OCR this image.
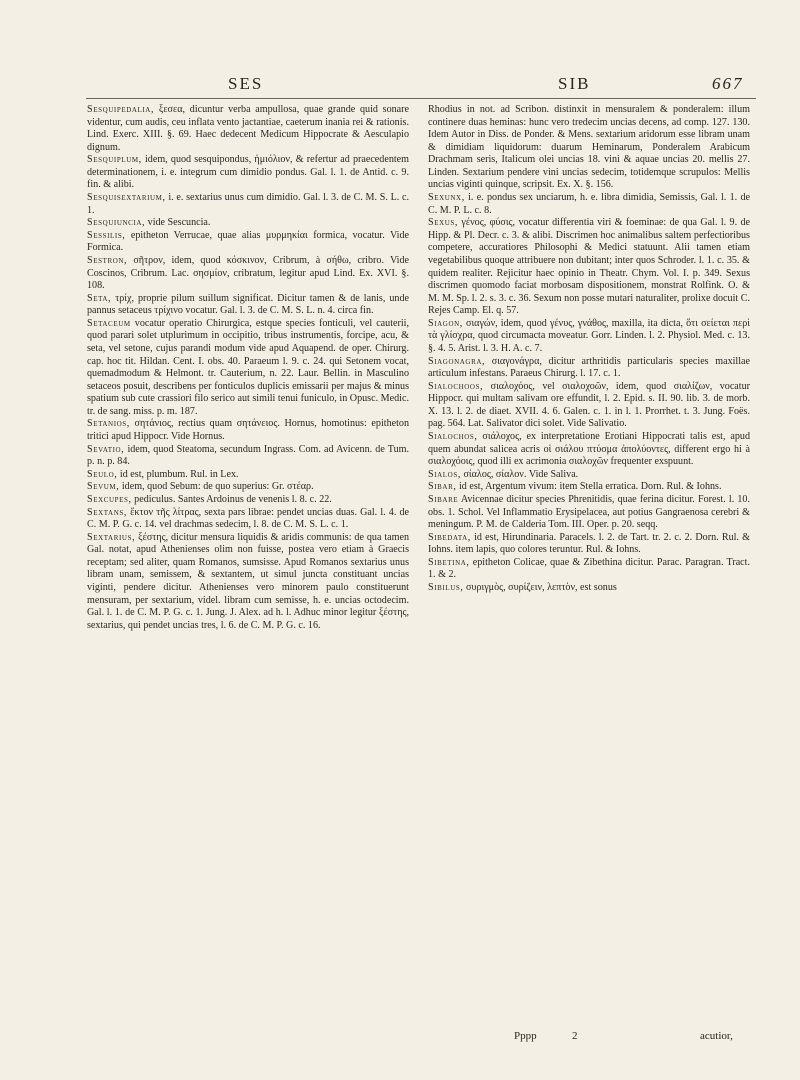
SES	SIB	667

Sesquipedalia, ξεσεα, dicuntur verba ampullosa, quae grande quid sonare videntur, cum audis, ceu inflata vento jactantiae, caeterum inania rei & rationis. Lind. Exerc. XIII. §. 69. Haec dedecent Medicum Hippocrate & Aesculapio dignum.

Sesquiplum, idem, quod sesquipondus, ἡμιόλιον, & refertur ad praecedentem determinationem, i. e. integrum cum dimidio pondus. Gal. l. 1. de Antid. c. 9. fin. & alibi.

Sesquisextarium, i. e. sextarius unus cum dimidio. Gal. l. 3. de C. M. S. L. c. 1.

Sesquiuncia, vide Sescuncia.

Sessilis, epitheton Verrucae, quae alias μυρμηκίαι formica, vocatur. Vide Formica.

Sestron, σῆτρον, idem, quod κόσκινον, Cribrum, à σήθω, cribro. Vide Coscinos, Cribrum. Lac. σησμίον, cribratum, legitur apud Lind. Ex. XVI. §. 108.

Seta, τρίχ, proprie pilum suillum significat. Dicitur tamen & de lanis, unde pannus setaceus τρίχινο vocatur. Gal. l. 3. de C. M. S. L. n. 4. circa fin.

Setaceum vocatur operatio Chirurgica, estque species fonticuli, vel cauterii, quod parari solet utplurimum in occipitio, tribus instrumentis, forcipe, acu, & seta, vel setone, cujus parandi modum vide apud Aquapend. de oper. Chirurg. cap. hoc tit. Hildan. Cent. I. obs. 40. Paraeum l. 9. c. 24. qui Setonem vocat, quemadmodum & Helmont. tr. Cauterium, n. 22. Laur. Bellin. in Masculino setaceos posuit, describens per fonticulos duplicis emissarii per majus & minus spatium sub cute crassiori filo serico aut simili tenui funiculo, in Opusc. Medic. tr. de sang. miss. p. m. 187.

Setanios, σητάνιος, rectius quam σητάνειος. Hornus, homotinus: epitheton tritici apud Hippocr. Vide Hornus.

Sevatio, idem, quod Steatoma, secundum Ingrass. Com. ad Avicenn. de Tum. p. n. p. 84.

Seulo, id est, plumbum. Rul. in Lex.

Sevum, idem, quod Sebum: de quo superius: Gr. στέαρ.

Sexcupes, pediculus. Santes Ardoinus de venenis l. 8. c. 22.

Sextans, ἕκτον τῆς λίτρας, sexta pars librae: pendet uncias duas. Gal. l. 4. de C. M. P. G. c. 14. vel drachmas sedecim, l. 8. de C. M. S. L. c. 1.

Sextarius, ξέστης, dicitur mensura liquidis & aridis communis: de qua tamen Gal. notat, apud Athenienses olim non fuisse, postea vero etiam à Graecis receptam; sed aliter, quam Romanos, sumsisse. Apud Romanos sextarius unus libram unam, semissem, & sextantem, ut simul juncta constituant uncias viginti, pendere dicitur. Athenienses vero minorem paulo constituerunt mensuram, per sextarium, videl. libram cum semisse, h. e. uncias octodecim. Gal. l. 1. de C. M. P. G. c. 1. Jung. J. Alex. ad h. l. Adhuc minor legitur ξέστης, sextarius, qui pendet uncias tres, l. 6. de C. M. P. G. c. 16.

Rhodius in not. ad Scribon. distinxit in mensuralem & ponderalem: illum continere duas heminas: hunc vero tredecim uncias decens, ad comp. 127. 130. Idem Autor in Diss. de Ponder. & Mens. sextarium aridorum esse libram unam & dimidiam liquidorum: duarum Heminarum, Ponderalem Arabicum Drachmam seris, Italicum olei uncias 18. vini & aquae uncias 20. mellis 27. Linden. Sextarium pendere vini uncias sedecim, totidemque scrupulos: Mellis uncias viginti quinque, scripsit. Ex. X. §. 156.

Sexunx, i. e. pondus sex unciarum, h. e. libra dimidia, Semissis, Gal. l. 1. de C. M. P. L. c. 8.

Sexus, γένος, φύσις, vocatur differentia viri & foeminae: de qua Gal. l. 9. de Hipp. & Pl. Decr. c. 3. & alibi. Discrimen hoc animalibus saltem perfectioribus competere, accuratiores Philosophi & Medici statuunt. Alii tamen etiam vegetabilibus quoque attribuere non dubitant; inter quos Schroder. l. 1. c. 35. & quidem realiter. Rejicitur haec opinio in Theatr. Chym. Vol. I. p. 349. Sexus discrimen quomodo faciat morbosam dispositionem, monstrat Rolfink. O. & M. M. Sp. l. 2. s. 3. c. 36. Sexum non posse mutari naturaliter, prolixe docuit C. Rejes Camp. El. q. 57.

Siagon, σιαγών, idem, quod γένυς, γνάθος, maxilla, ita dicta, ὅτι σείεται περὶ τὰ γλίσχρα, quod circumacta moveatur. Gorr. Linden. l. 2. Physiol. Med. c. 13. §. 4. 5. Arist. l. 3. H. A. c. 7.

Siagonagra, σιαγονάγρα, dicitur arthritidis particularis species maxillae articulum infestans. Paraeus Chirurg. l. 17. c. 1.

Sialochoos, σιαλοχόος, vel σιαλοχοῶν, idem, quod σιαλίζων, vocatur Hippocr. qui multam salivam ore effundit, l. 2. Epid. s. II. 90. lib. 3. de morb. X. 13. l. 2. de diaet. XVII. 4. 6. Galen. c. 1. in l. 1. Prorrhet. t. 3. Jung. Foës. pag. 564. Lat. Salivator dici solet. Vide Salivatio.

Sialochos, σιάλοχος, ex interpretatione Erotiani Hippocrati talis est, apud quem abundat salicea acris οἱ σιάλου πτύσμα ἀπολύοντες, different ergo hi à σιαλοχόοις, quod illi ex acrimonia σιαλοχῶν frequenter exspuunt.

Sialos, σίαλος, σίαλον. Vide Saliva.

Sibar, id est, Argentum vivum: item Stella erratica. Dorn. Rul. & Iohns.

Sibare Avicennae dicitur species Phrenitidis, quae ferina dicitur. Forest. l. 10. obs. 1. Schol. Vel Inflammatio Erysipelacea, aut potius Gangraenosa cerebri & meningum. P. M. de Calderia Tom. III. Oper. p. 20. seqq.

Sibedata, id est, Hirundinaria. Paracels. l. 2. de Tart. tr. 2. c. 2. Dorn. Rul. & Iohns. item lapis, quo colores teruntur. Rul. & Iohns.

Sibetina, epitheton Colicae, quae & Zibethina dicitur. Parac. Paragran. Tract. 1. & 2.

Sibilus, συριγμὸς, συρίζειν, λεπτὸν, est sonus

Pppp	2	acutior,
